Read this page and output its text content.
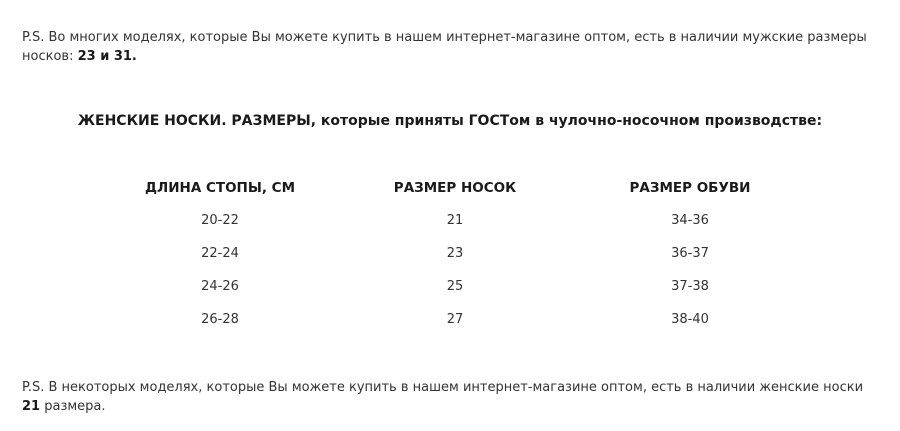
P.S. Во многих моделях, которые Вы можете купить в нашем интернет-магазине оптом, есть в наличии мужские размеры носков: 23 и 31.
ЖЕНСКИЕ НОСКИ. РАЗМЕРЫ, которые приняты ГОСТом в чулочно-носочном производстве:
ДЛИНА СТОПЫ, СМ	РАЗМЕР НОСОК	РАЗМЕР ОБУВИ
20-22	21	34-36
22-24	23	36-37
24-26	25	37-38
26-28	27	38-40
P.S. В некоторых моделях, которые Вы можете купить в нашем интернет-магазине оптом, есть в наличии женские носки 21 размера.
